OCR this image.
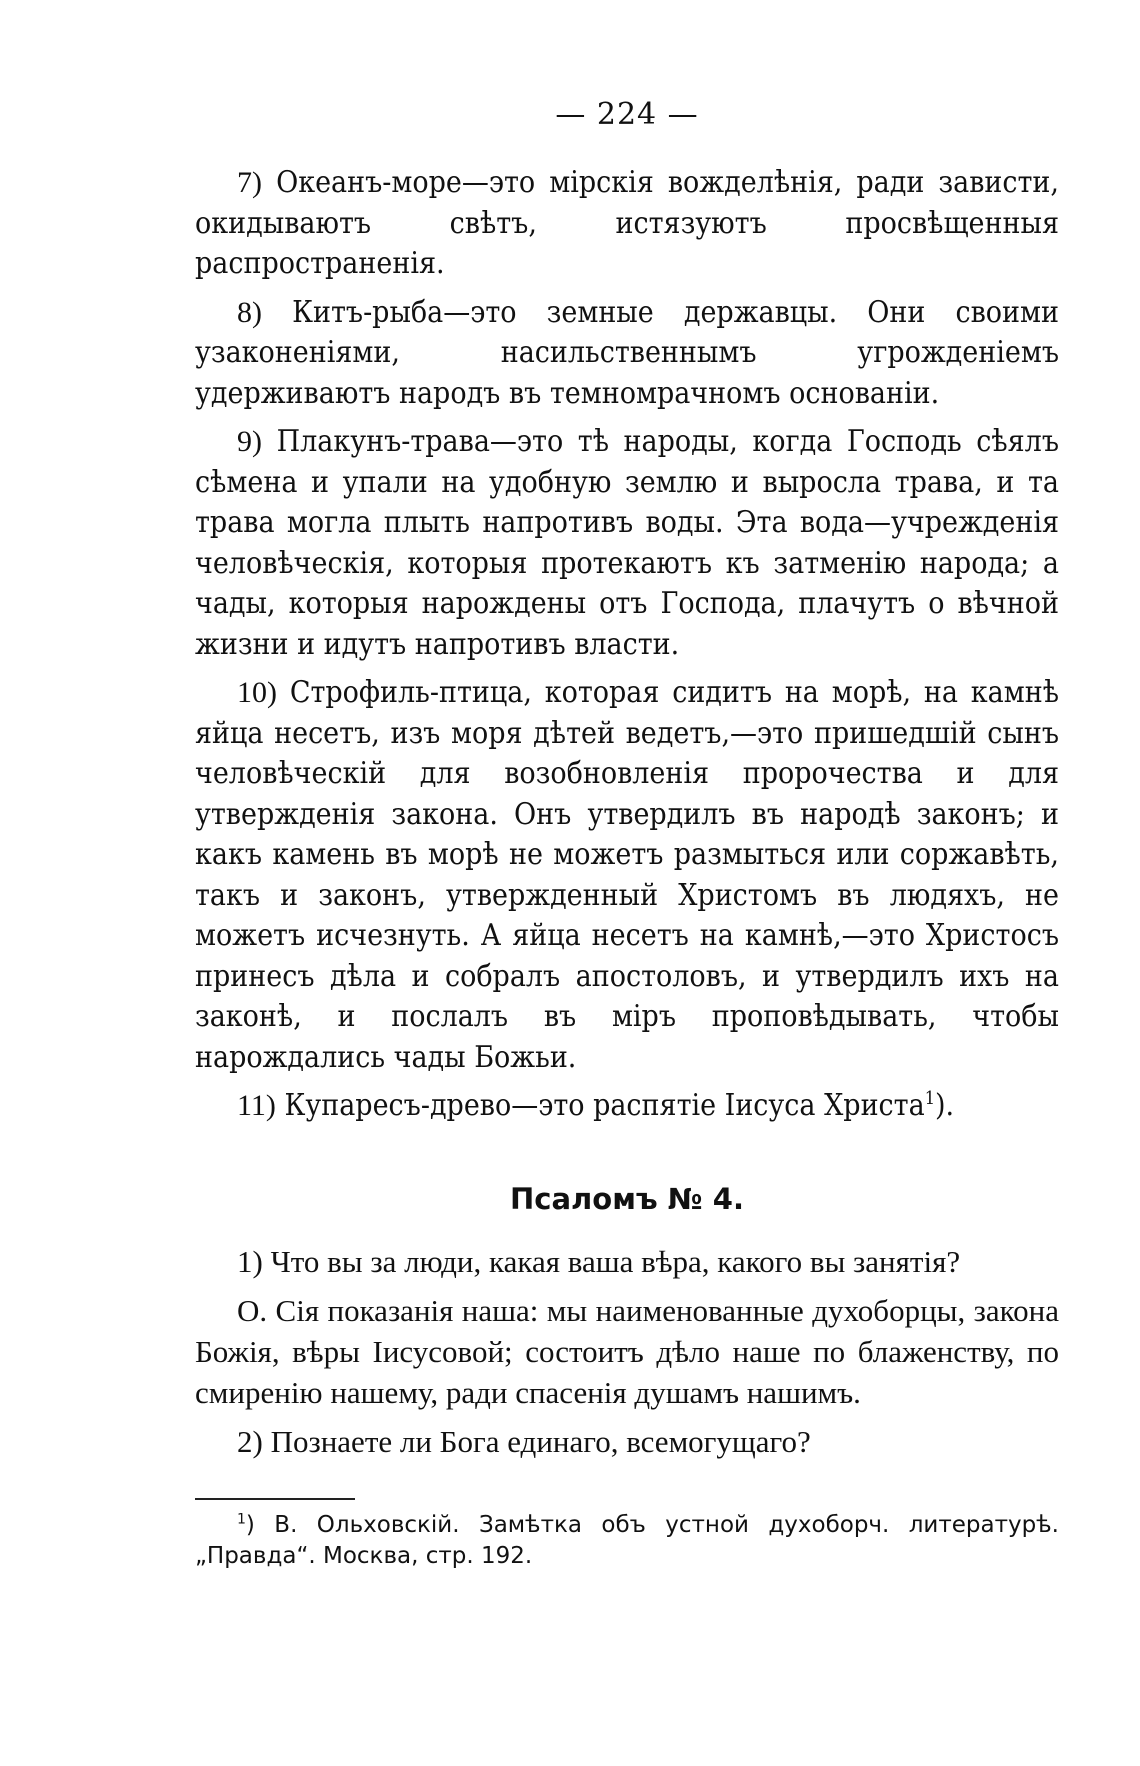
— 224 —

7) Океанъ-море—это мірскія вожделѣнія, ради зависти, окидываютъ свѣтъ, истязуютъ просвѣщенныя распространенія.

8) Китъ-рыба—это земные державцы. Они своими узаконеніями, насильственнымъ угрожденіемъ удерживаютъ народъ въ темномрачномъ основаніи.

9) Плакунъ-трава—это тѣ народы, когда Господь сѣялъ сѣмена и упали на удобную землю и выросла трава, и та трава могла плыть напротивъ воды. Эта вода—учрежденія человѣческія, которыя протекаютъ къ затменію народа; а чады, которыя нарождены отъ Господа, плачутъ о вѣчной жизни и идутъ напротивъ власти.

10) Строфиль-птица, которая сидитъ на морѣ, на камнѣ яйца несетъ, изъ моря дѣтей ведетъ,—это пришедшій сынъ человѣческій для возобновленія пророчества и для утвержденія закона. Онъ утвердилъ въ народѣ законъ; и какъ камень въ морѣ не можетъ размыться или соржавѣть, такъ и законъ, утвержденный Христомъ въ людяхъ, не можетъ исчезнуть. А яйца несетъ на камнѣ,—это Христосъ принесъ дѣла и собралъ апостоловъ, и утвердилъ ихъ на законѣ, и послалъ въ міръ проповѣдывать, чтобы нарождались чады Божьи.

11) Купаресъ-древо—это распятіе Іисуса Христа$^1$).

Псаломъ № 4.

1) Что вы за люди, какая ваша вѣра, какого вы занятія?

О. Сія показанія наша: мы наименованные духоборцы, закона Божія, вѣры Іисусовой; состоитъ дѣло наше по блаженству, по смиренію нашему, ради спасенія душамъ нашимъ.

2) Познаете ли Бога единаго, всемогущаго?

$^1$) В. Ольховскій. Замѣтка объ устной духоборч. литературѣ. „Правда“. Москва, стр. 192.
